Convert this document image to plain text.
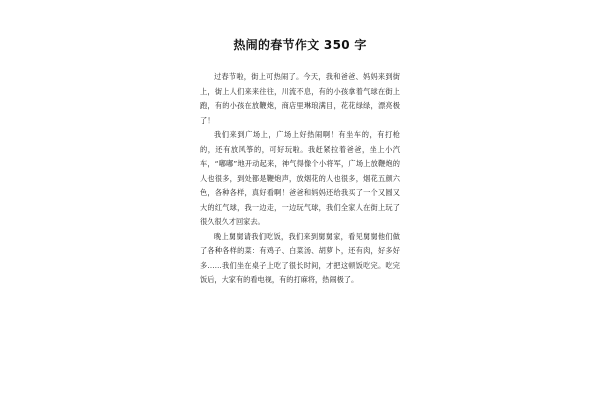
热闹的春节作文 350 字

过春节啦，街上可热闹了。今天，我和爸爸、妈妈来到街上，街上人们来来往往，川流不息，有的小孩拿着气球在街上跑，有的小孩在放鞭炮，商店里琳琅满目，花花绿绿，漂亮极了！

我们来到广场上，广场上好热闹啊！有坐车的，有打枪的，还有放风筝的，可好玩啦。我赶紧拉着爸爸，坐上小汽车，“嘟嘟”地开动起来，神气得像个小将军，广场上放鞭炮的人也很多，到处都是鞭炮声，放烟花的人也很多，烟花五颜六色，各种各样，真好看啊！爸爸和妈妈还给我买了一个又圆又大的红气球，我一边走，一边玩气球，我们全家人在街上玩了很久很久才回家去。

晚上舅舅请我们吃饭，我们来到舅舅家，看见舅舅他们做了各种各样的菜：有鸡子、白菜汤、胡萝卜，还有肉，好多好多……我们坐在桌子上吃了很长时间，才把这顿饭吃完。吃完饭后，大家有的看电视，有的打麻将，热闹极了。
